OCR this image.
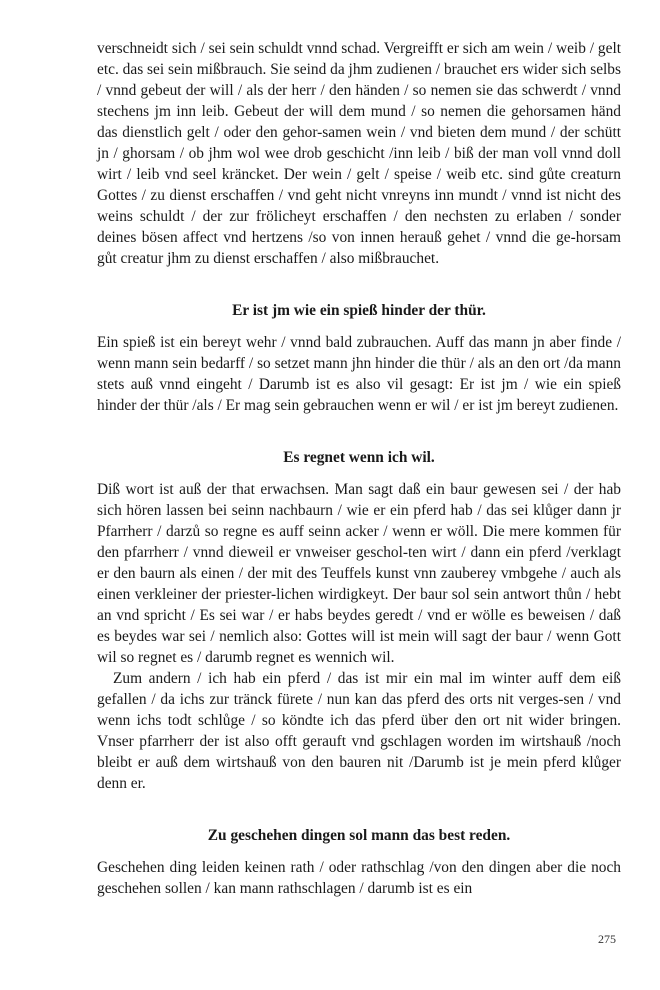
verschneidt sich / sei sein schuldt vnnd schad. Vergreifft er sich am wein / weib / gelt etc. das sei sein mißbrauch. Sie seind da jhm zudienen / brauchet ers wider sich selbs / vnnd gebeut der will / als der herr / den händen / so nemen sie das schwerdt / vnnd stechens jm inn leib. Gebeut der will dem mund / so nemen die gehorsamen händ das dienstlich gelt / oder den gehor-samen wein / vnd bieten dem mund / der schütt jn / ghorsam / ob jhm wol wee drob geschicht /inn leib / biß der man voll vnnd doll wirt / leib vnd seel kräncket. Der wein / gelt / speise / weib etc. sind gůte creaturn Gottes / zu dienst erschaffen / vnd geht nicht vnreyns inn mundt / vnnd ist nicht des weins schuldt / der zur frölicheyt erschaffen / den nechsten zu erlaben / sonder deines bösen affect vnd hertzens /so von innen herauß gehet / vnnd die ge-horsam gůt creatur jhm zu dienst erschaffen / also mißbrauchet.

Er ist jm wie ein spieß hinder der thür.

Ein spieß ist ein bereyt wehr / vnnd bald zubrauchen. Auff das mann jn aber finde / wenn mann sein bedarff / so setzet mann jhn hinder die thür / als an den ort /da mann stets auß vnnd eingeht / Darumb ist es also vil gesagt: Er ist jm / wie ein spieß hinder der thür /als / Er mag sein gebrauchen wenn er wil / er ist jm bereyt zudienen.

Es regnet wenn ich wil.

Diß wort ist auß der that erwachsen. Man sagt daß ein baur gewesen sei / der hab sich hören lassen bei seinn nachbaurn / wie er ein pferd hab / das sei klůger dann jr Pfarrherr / darzů so regne es auff seinn acker / wenn er wöll. Die mere kommen für den pfarrherr / vnnd dieweil er vnweiser geschol-ten wirt / dann ein pferd /verklagt er den baurn als einen / der mit des Teuffels kunst vnn zauberey vmbgehe / auch als einen verkleiner der priester-lichen wirdigkeyt. Der baur sol sein antwort thůn / hebt an vnd spricht / Es sei war / er habs beydes geredt / vnd er wölle es beweisen / daß es beydes war sei / nemlich also: Gottes will ist mein will sagt der baur / wenn Gott wil so regnet es / darumb regnet es wennich wil.

Zum andern / ich hab ein pferd / das ist mir ein mal im winter auff dem eiß gefallen / da ichs zur tränck fürete / nun kan das pferd des orts nit verges-sen / vnd wenn ichs todt schlůge / so köndte ich das pferd über den ort nit wider bringen. Vnser pfarrherr der ist also offt gerauft vnd gschlagen worden im wirtshauß /noch bleibt er auß dem wirtshauß von den bauren nit /Darumb ist je mein pferd klůger denn er.

Zu geschehen dingen sol mann das best reden.

Geschehen ding leiden keinen rath / oder rathschlag /von den dingen aber die noch geschehen sollen / kan mann rathschlagen / darumb ist es ein

275
